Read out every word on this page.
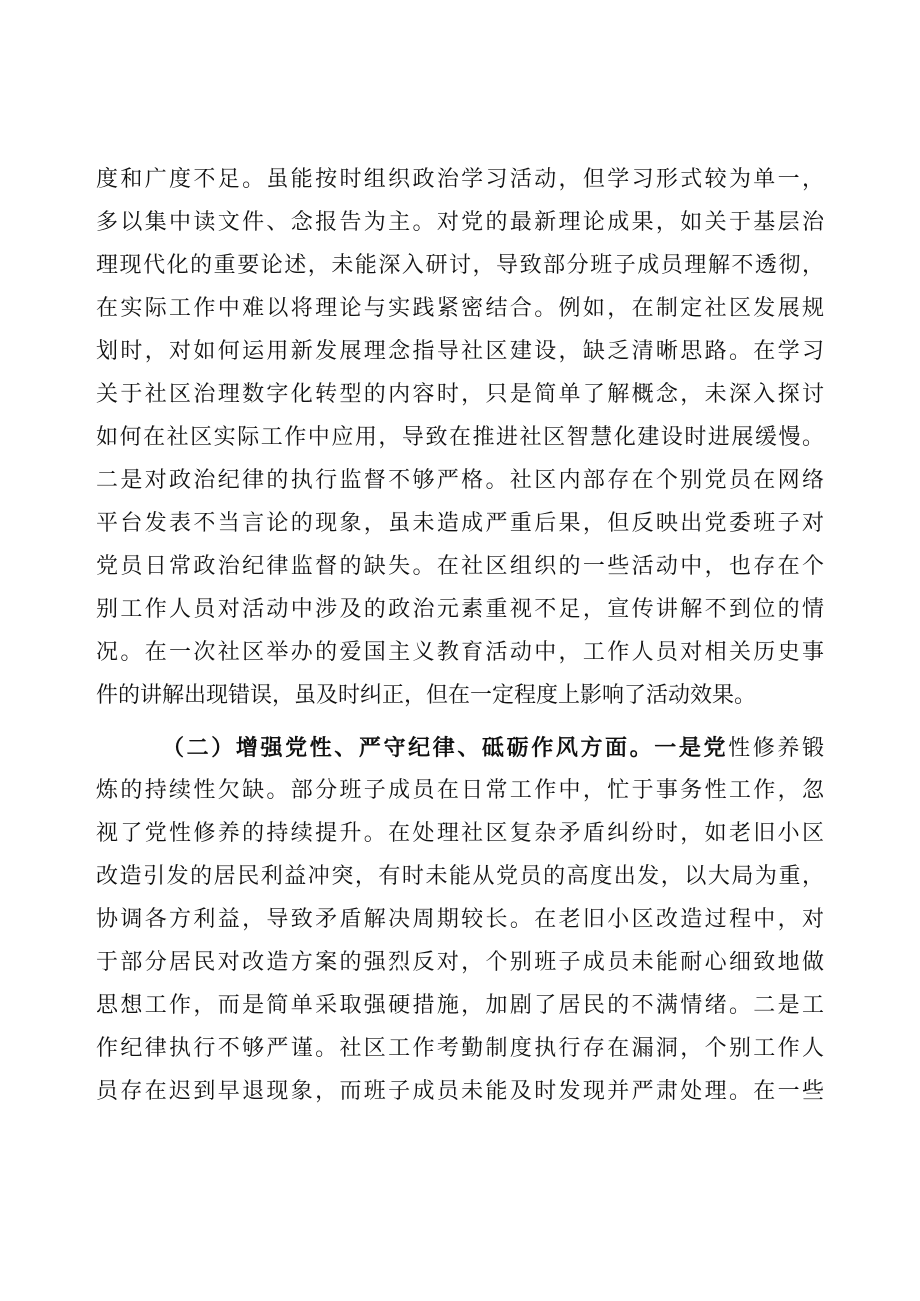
度和广度不足。虽能按时组织政治学习活动，但学习形式较为单一，
多以集中读文件、念报告为主。对党的最新理论成果，如关于基层治
理现代化的重要论述，未能深入研讨，导致部分班子成员理解不透彻，
在实际工作中难以将理论与实践紧密结合。例如，在制定社区发展规
划时，对如何运用新发展理念指导社区建设，缺乏清晰思路。在学习
关于社区治理数字化转型的内容时，只是简单了解概念，未深入探讨
如何在社区实际工作中应用，导致在推进社区智慧化建设时进展缓慢。
二是对政治纪律的执行监督不够严格。社区内部存在个别党员在网络
平台发表不当言论的现象，虽未造成严重后果，但反映出党委班子对
党员日常政治纪律监督的缺失。在社区组织的一些活动中，也存在个
别工作人员对活动中涉及的政治元素重视不足，宣传讲解不到位的情
况。在一次社区举办的爱国主义教育活动中，工作人员对相关历史事
件的讲解出现错误，虽及时纠正，但在一定程度上影响了活动效果。
（二）增强党性、严守纪律、砥砺作风方面。一是党性修养锻
炼的持续性欠缺。部分班子成员在日常工作中，忙于事务性工作，忽
视了党性修养的持续提升。在处理社区复杂矛盾纠纷时，如老旧小区
改造引发的居民利益冲突，有时未能从党员的高度出发，以大局为重，
协调各方利益，导致矛盾解决周期较长。在老旧小区改造过程中，对
于部分居民对改造方案的强烈反对，个别班子成员未能耐心细致地做
思想工作，而是简单采取强硬措施，加剧了居民的不满情绪。二是工
作纪律执行不够严谨。社区工作考勤制度执行存在漏洞，个别工作人
员存在迟到早退现象，而班子成员未能及时发现并严肃处理。在一些
